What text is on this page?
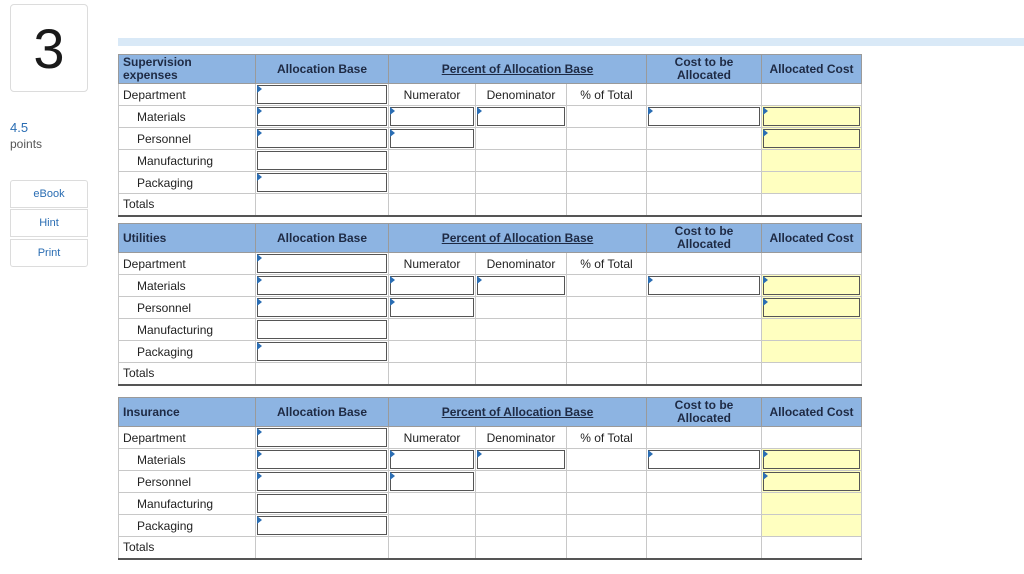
3
4.5
points
eBook
Hint
Print
Supervision
expenses	Allocation Base	Percent of Allocation Base			Cost to be
Allocated	Allocated Cost
Department		Numerator	Denominator	% of Total		
Materials	

Personnel	

Manufacturing	

Packaging	

Totals						
Utilities	Allocation Base	Percent of Allocation Base			Cost to be
Allocated	Allocated Cost
Department		Numerator	Denominator	% of Total		
Materials	

Personnel	

Manufacturing	

Packaging	

Totals						
Insurance	Allocation Base	Percent of Allocation Base			Cost to be
Allocated	Allocated Cost
Department		Numerator	Denominator	% of Total		
Materials	

Personnel	

Manufacturing	

Packaging	

Totals						
